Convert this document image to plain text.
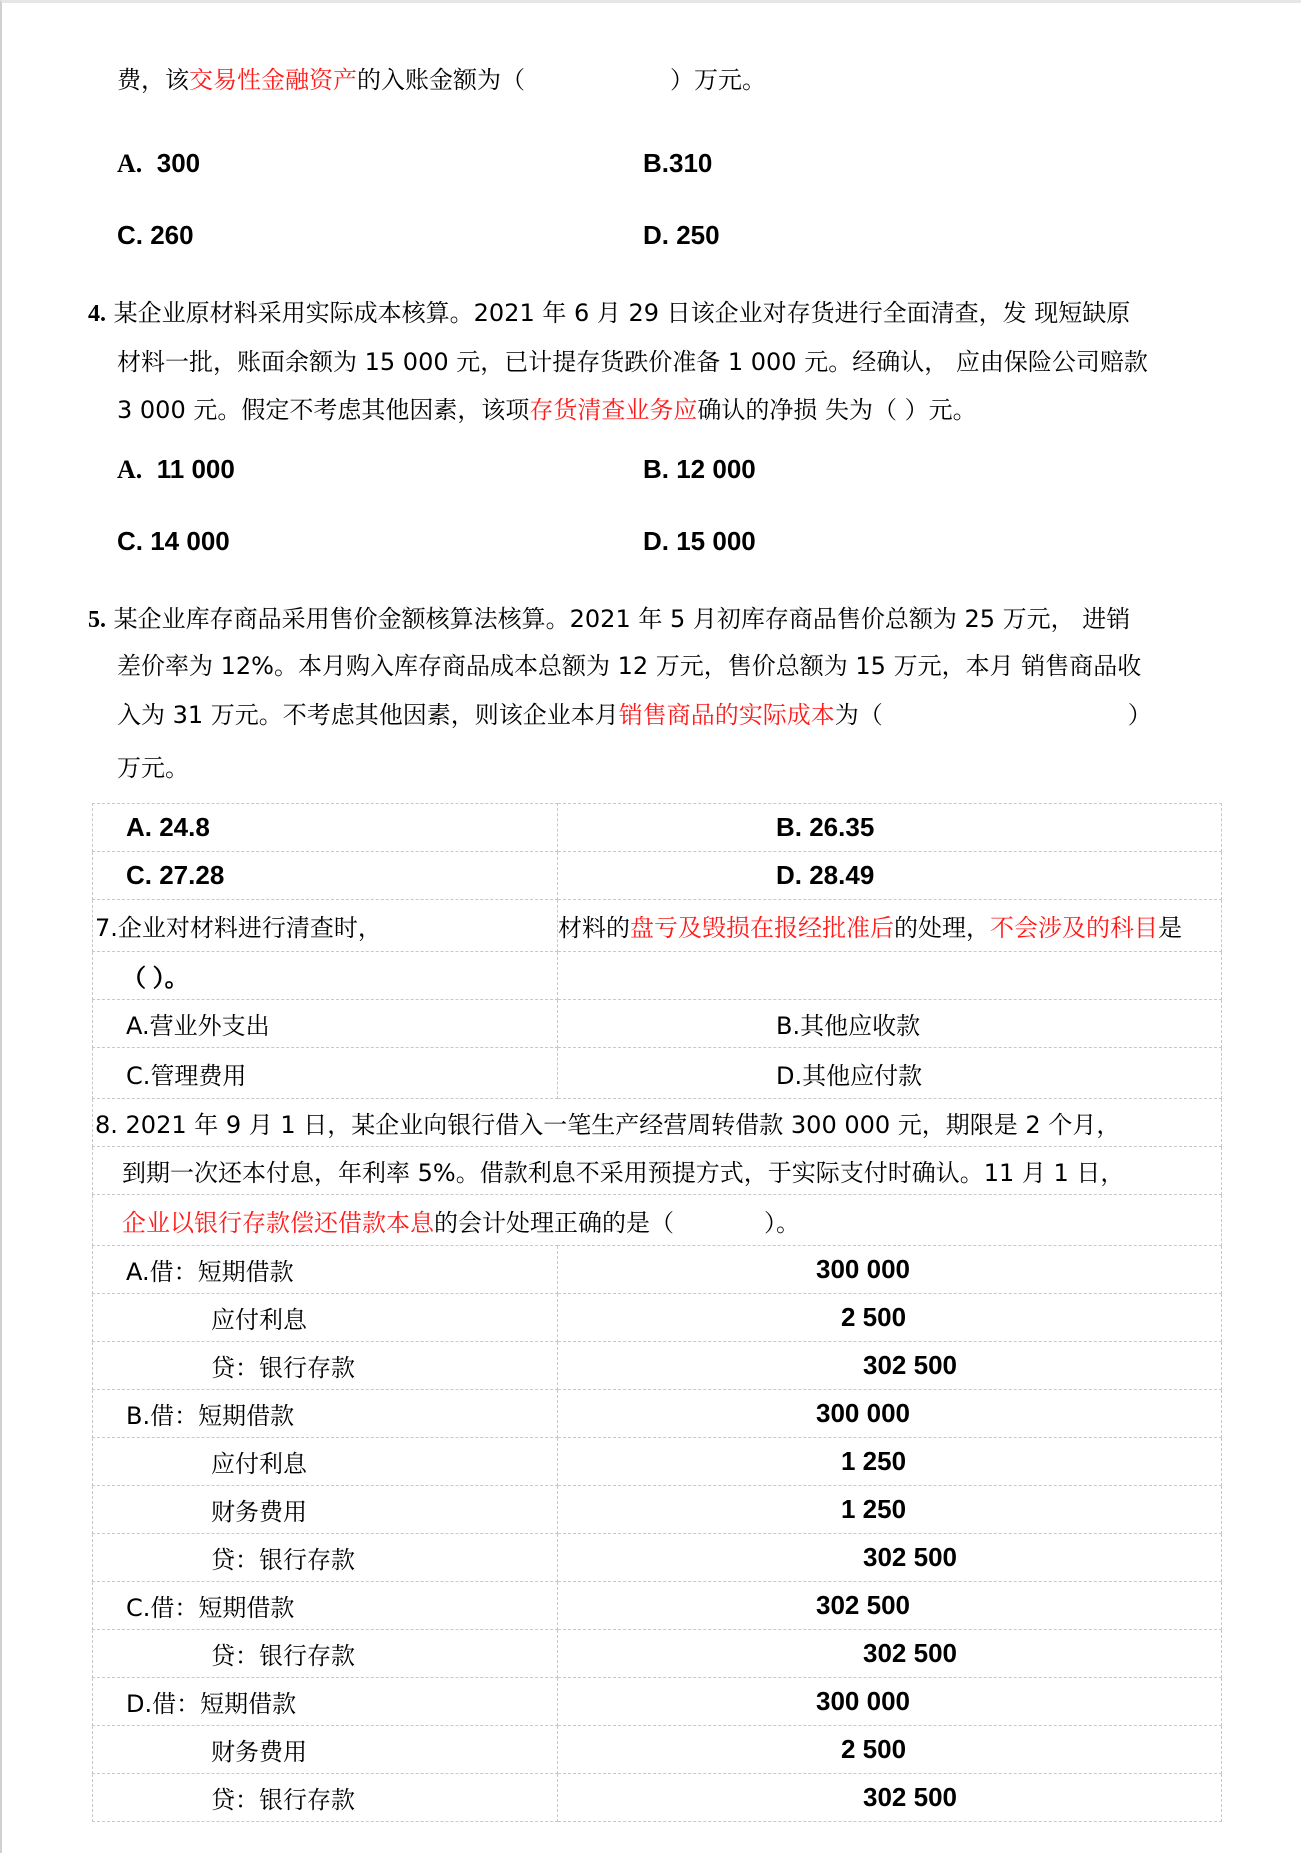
费，该交易性金融资产的入账金额为（	）万元。
A. 300	B.310
C. 260	D. 250
4. 某企业原材料采用实际成本核算。2021 年 6 月 29 日该企业对存货进行全面清查，发 现短缺原
材料一批，账面余额为 15 000 元，已计提存货跌价准备 1 000 元。经确认， 应由保险公司赔款
3 000 元。假定不考虑其他因素，该项存货清查业务应确认的净损 失为（ ）元。
A. 11 000	B. 12 000
C. 14 000	D. 15 000
5. 某企业库存商品采用售价金额核算法核算。2021 年 5 月初库存商品售价总额为 25 万元， 进销
差价率为 12%。本月购入库存商品成本总额为 12 万元，售价总额为 15 万元，本月 销售商品收
入为 31 万元。不考虑其他因素，则该企业本月销售商品的实际成本为（	）
万元。
A. 24.8	B. 26.35
C. 27.28	D. 28.49
7.企业对材料进行清查时，	材料的盘亏及毁损在报经批准后的处理，不会涉及的科目是
（ ）。	
A.营业外支出	B.其他应收款
C.管理费用	D.其他应付款
8. 2021 年 9 月 1 日，某企业向银行借入一笔生产经营周转借款 300 000 元，期限是 2 个月，	
到期一次还本付息，年利率 5%。借款利息不采用预提方式，于实际支付时确认。11 月 1 日，	
企业以银行存款偿还借款本息的会计处理正确的是（ ）。	
A.借：短期借款	300 000
应付利息	2 500
贷：银行存款	302 500
B.借：短期借款	300 000
应付利息	1 250
财务费用	1 250
贷：银行存款	302 500
C.借：短期借款	302 500
贷：银行存款	302 500
D.借：短期借款	300 000
财务费用	2 500
贷：银行存款	302 500
